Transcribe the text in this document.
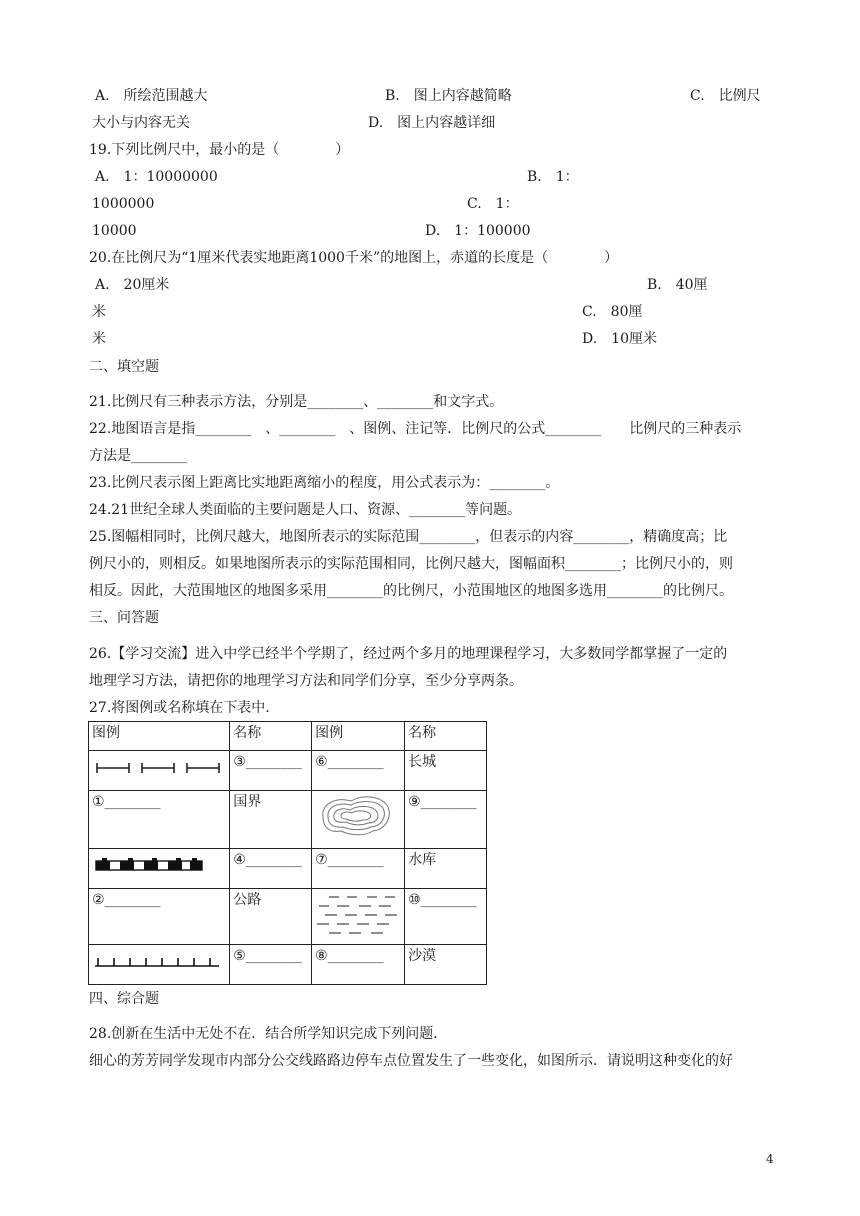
A.　所绘范围越大	B.　图上内容越简略	C.　比例尺
大小与内容无关	D.　图上内容越详细
19.下列比例尺中，最小的是（　　　　）
A.　1：10000000	B.　1：
1000000	C.　1：
10000	D.　1：100000
20.在比例尺为“1厘米代表实地距离1000千米”的地图上，赤道的长度是（　　　　）
A.　20厘米	B.　40厘
米	C.　80厘
米	D.　10厘米
二、填空题
21.比例尺有三种表示方法，分别是________、________和文字式。
22.地图语言是指________　、________　、图例、注记等．比例尺的公式________　　比例尺的三种表示
方法是________
23.比例尺表示图上距离比实地距离缩小的程度，用公式表示为：________。
24.21世纪全球人类面临的主要问题是人口、资源、________等问题。
25.图幅相同时，比例尺越大，地图所表示的实际范围________，但表示的内容________，精确度高；比
例尺小的，则相反。如果地图所表示的实际范围相同，比例尺越大，图幅面积________；比例尺小的，则
相反。因此，大范围地区的地图多采用________的比例尺，小范围地区的地图多选用________的比例尺。
三、问答题
26.【学习交流】进入中学已经半个学期了，经过两个多月的地理课程学习，大多数同学都掌握了一定的
地理学习方法，请把你的地理学习方法和同学们分享，至少分享两条。
27.将图例或名称填在下表中.
图例	名称	图例	名称

	③________	⑥________	长城
①________	国界		⑨________

	④________	⑦________	水库
②________	公路		⑩________

	⑤________	⑧________	沙漠
四、综合题
28.创新在生活中无处不在．结合所学知识完成下列问题．
细心的芳芳同学发现市内部分公交线路路边停车点位置发生了一些变化，如图所示．请说明这种变化的好
4
